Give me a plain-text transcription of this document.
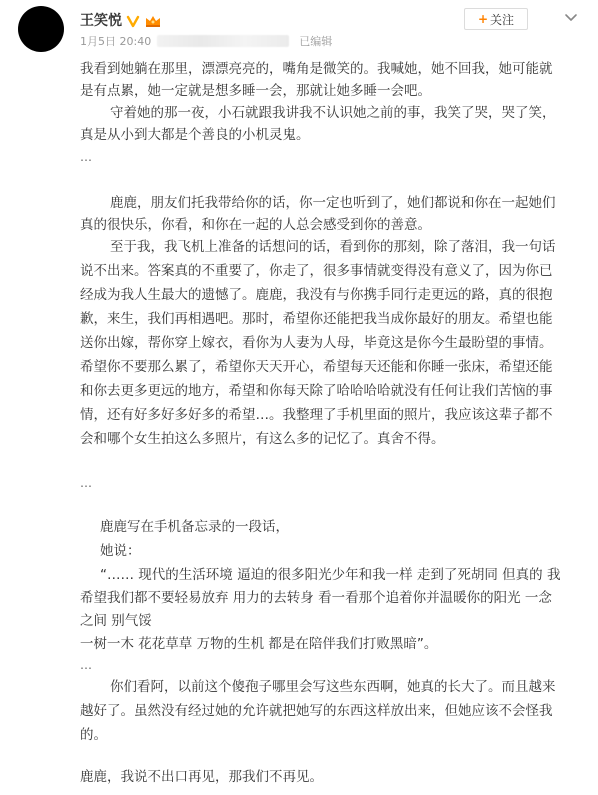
王笑悦
1月5日 20:40	已编辑
+ 关注
我看到她躺在那里，漂漂亮亮的，嘴角是微笑的。我喊她，她不回我，她可能就
是有点累，她一定就是想多睡一会，那就让她多睡一会吧。
守着她的那一夜，小石就跟我讲我不认识她之前的事，我笑了哭，哭了笑，
真是从小到大都是个善良的小机灵鬼。
…
鹿鹿，朋友们托我带给你的话，你一定也听到了，她们都说和你在一起她们
真的很快乐，你看，和你在一起的人总会感受到你的善意。
至于我，我飞机上准备的话想问的话，看到你的那刻，除了落泪，我一句话
说不出来。答案真的不重要了，你走了，很多事情就变得没有意义了，因为你已
经成为我人生最大的遗憾了。鹿鹿，我没有与你携手同行走更远的路，真的很抱
歉，来生，我们再相遇吧。那时，希望你还能把我当成你最好的朋友。希望也能
送你出嫁，帮你穿上嫁衣，看你为人妻为人母，毕竟这是你今生最盼望的事情。
希望你不要那么累了，希望你天天开心，希望每天还能和你睡一张床，希望还能
和你去更多更远的地方，希望和你每天除了哈哈哈哈就没有任何让我们苦恼的事
情，还有好多好多好多的希望…。我整理了手机里面的照片，我应该这辈子都不
会和哪个女生拍这么多照片，有这么多的记忆了。真舍不得。
…
鹿鹿写在手机备忘录的一段话，
她说：
“…… 现代的生活环境 逼迫的很多阳光少年和我一样 走到了死胡同 但真的 我
希望我们都不要轻易放弃 用力的去转身 看一看那个追着你并温暖你的阳光 一念
之间 别气馁
一树一木 花花草草 万物的生机 都是在陪伴我们打败黑暗”。
…
你们看阿，以前这个傻孢子哪里会写这些东西啊，她真的长大了。而且越来
越好了。虽然没有经过她的允许就把她写的东西这样放出来，但她应该不会怪我
的。
鹿鹿，我说不出口再见，那我们不再见。
